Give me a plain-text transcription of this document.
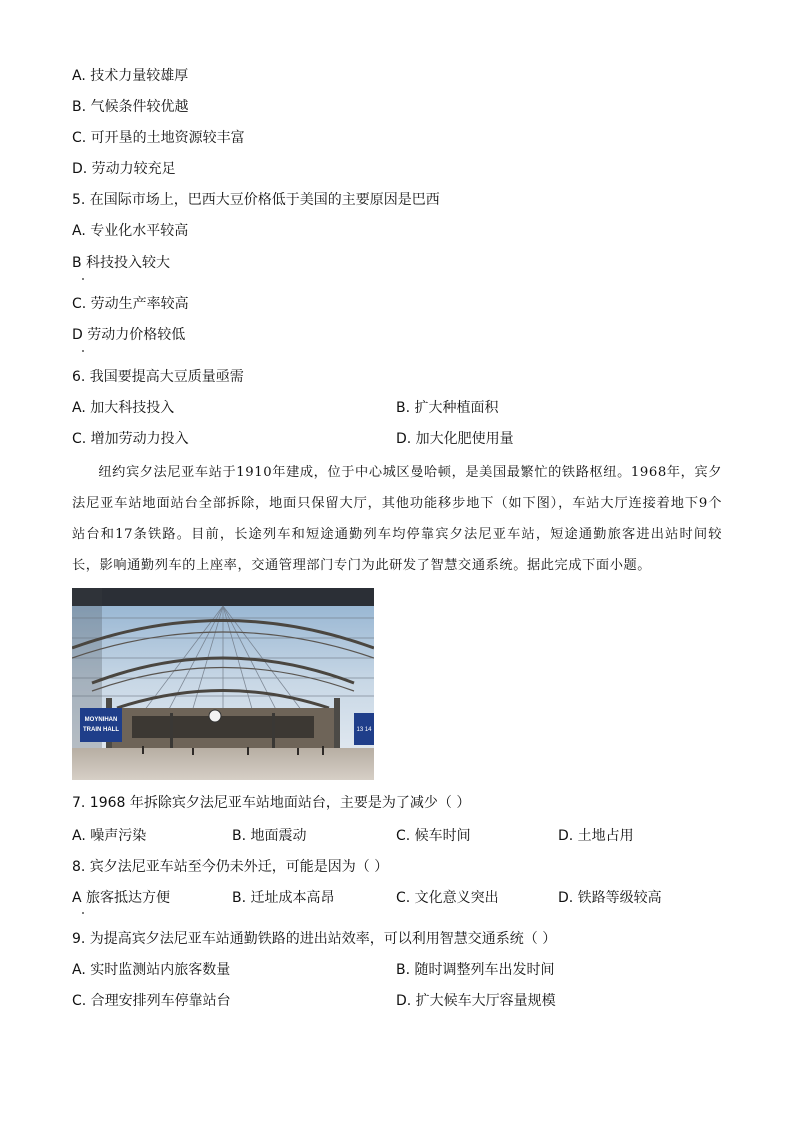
A. 技术力量较雄厚
B. 气候条件较优越
C. 可开垦的土地资源较丰富
D. 劳动力较充足
5. 在国际市场上，巴西大豆价格低于美国的主要原因是巴西
A. 专业化水平较高
B 科技投入较大
C. 劳动生产率较高
D 劳动力价格较低
6. 我国要提高大豆质量亟需
A. 加大科技投入	B. 扩大种植面积
C. 增加劳动力投入	D. 加大化肥使用量
纽约宾夕法尼亚车站于1910年建成，位于中心城区曼哈顿，是美国最繁忙的铁路枢纽。1968年，宾夕法尼亚车站地面站台全部拆除，地面只保留大厅，其他功能移步地下（如下图），车站大厅连接着地下9个站台和17条铁路。目前，长途列车和短途通勤列车均停靠宾夕法尼亚车站，短途通勤旅客进出站时间较长，影响通勤列车的上座率，交通管理部门专门为此研发了智慧交通系统。据此完成下面小题。
MOYNIHAN
TRAIN HALL	13 14
7. 1968 年拆除宾夕法尼亚车站地面站台，主要是为了减少（ ）
A. 噪声污染	B. 地面震动	C. 候车时间	D. 土地占用
8. 宾夕法尼亚车站至今仍未外迁，可能是因为（ ）
A 旅客抵达方便	B. 迁址成本高昂	C. 文化意义突出	D. 铁路等级较高
9. 为提高宾夕法尼亚车站通勤铁路的进出站效率，可以利用智慧交通系统（ ）
A. 实时监测站内旅客数量	B. 随时调整列车出发时间
C. 合理安排列车停靠站台	D. 扩大候车大厅容量规模
